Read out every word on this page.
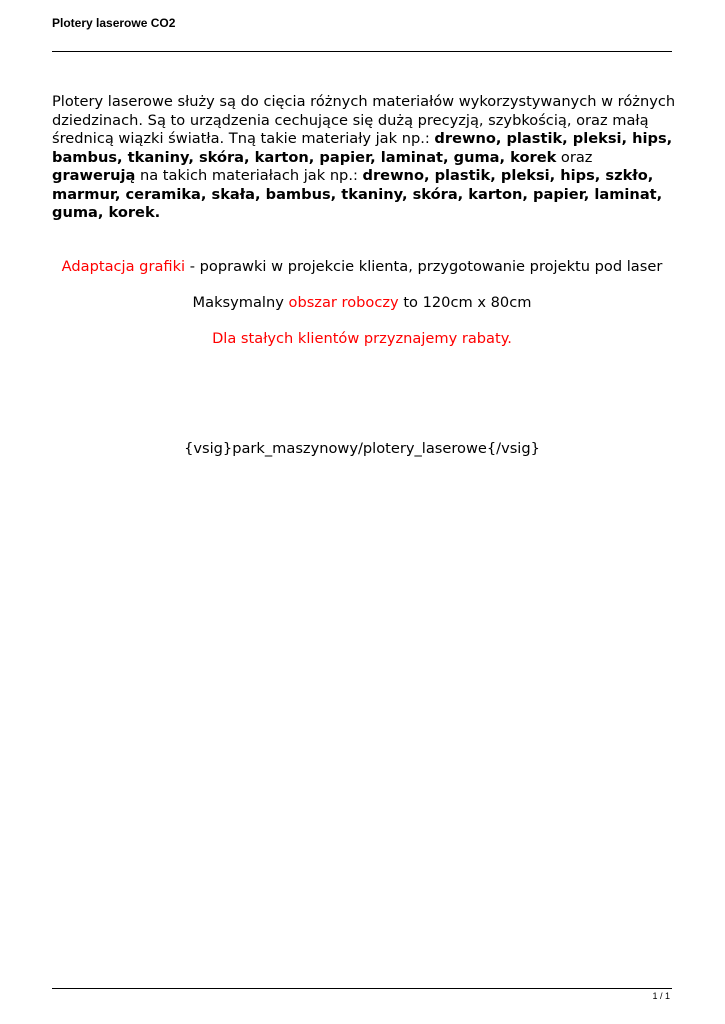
Plotery laserowe CO2

Plotery laserowe służy są do cięcia różnych materiałów wykorzystywanych w różnych dziedzinach. Są to urządzenia cechujące się dużą precyzją, szybkością, oraz małą średnicą wiązki światła. Tną takie materiały jak np.: drewno, plastik, pleksi, hips, bambus, tkaniny, skóra, karton, papier, laminat, guma, korek oraz grawerują na takich materiałach jak np.: drewno, plastik, pleksi, hips, szkło, marmur, ceramika, skała, bambus, tkaniny, skóra, karton, papier, laminat, guma, korek.

Adaptacja grafiki - poprawki w projekcie klienta, przygotowanie projektu pod laser

Maksymalny obszar roboczy to 120cm x 80cm

Dla stałych klientów przyznajemy rabaty.

{vsig}park_maszynowy/plotery_laserowe{/vsig}

1 / 1
